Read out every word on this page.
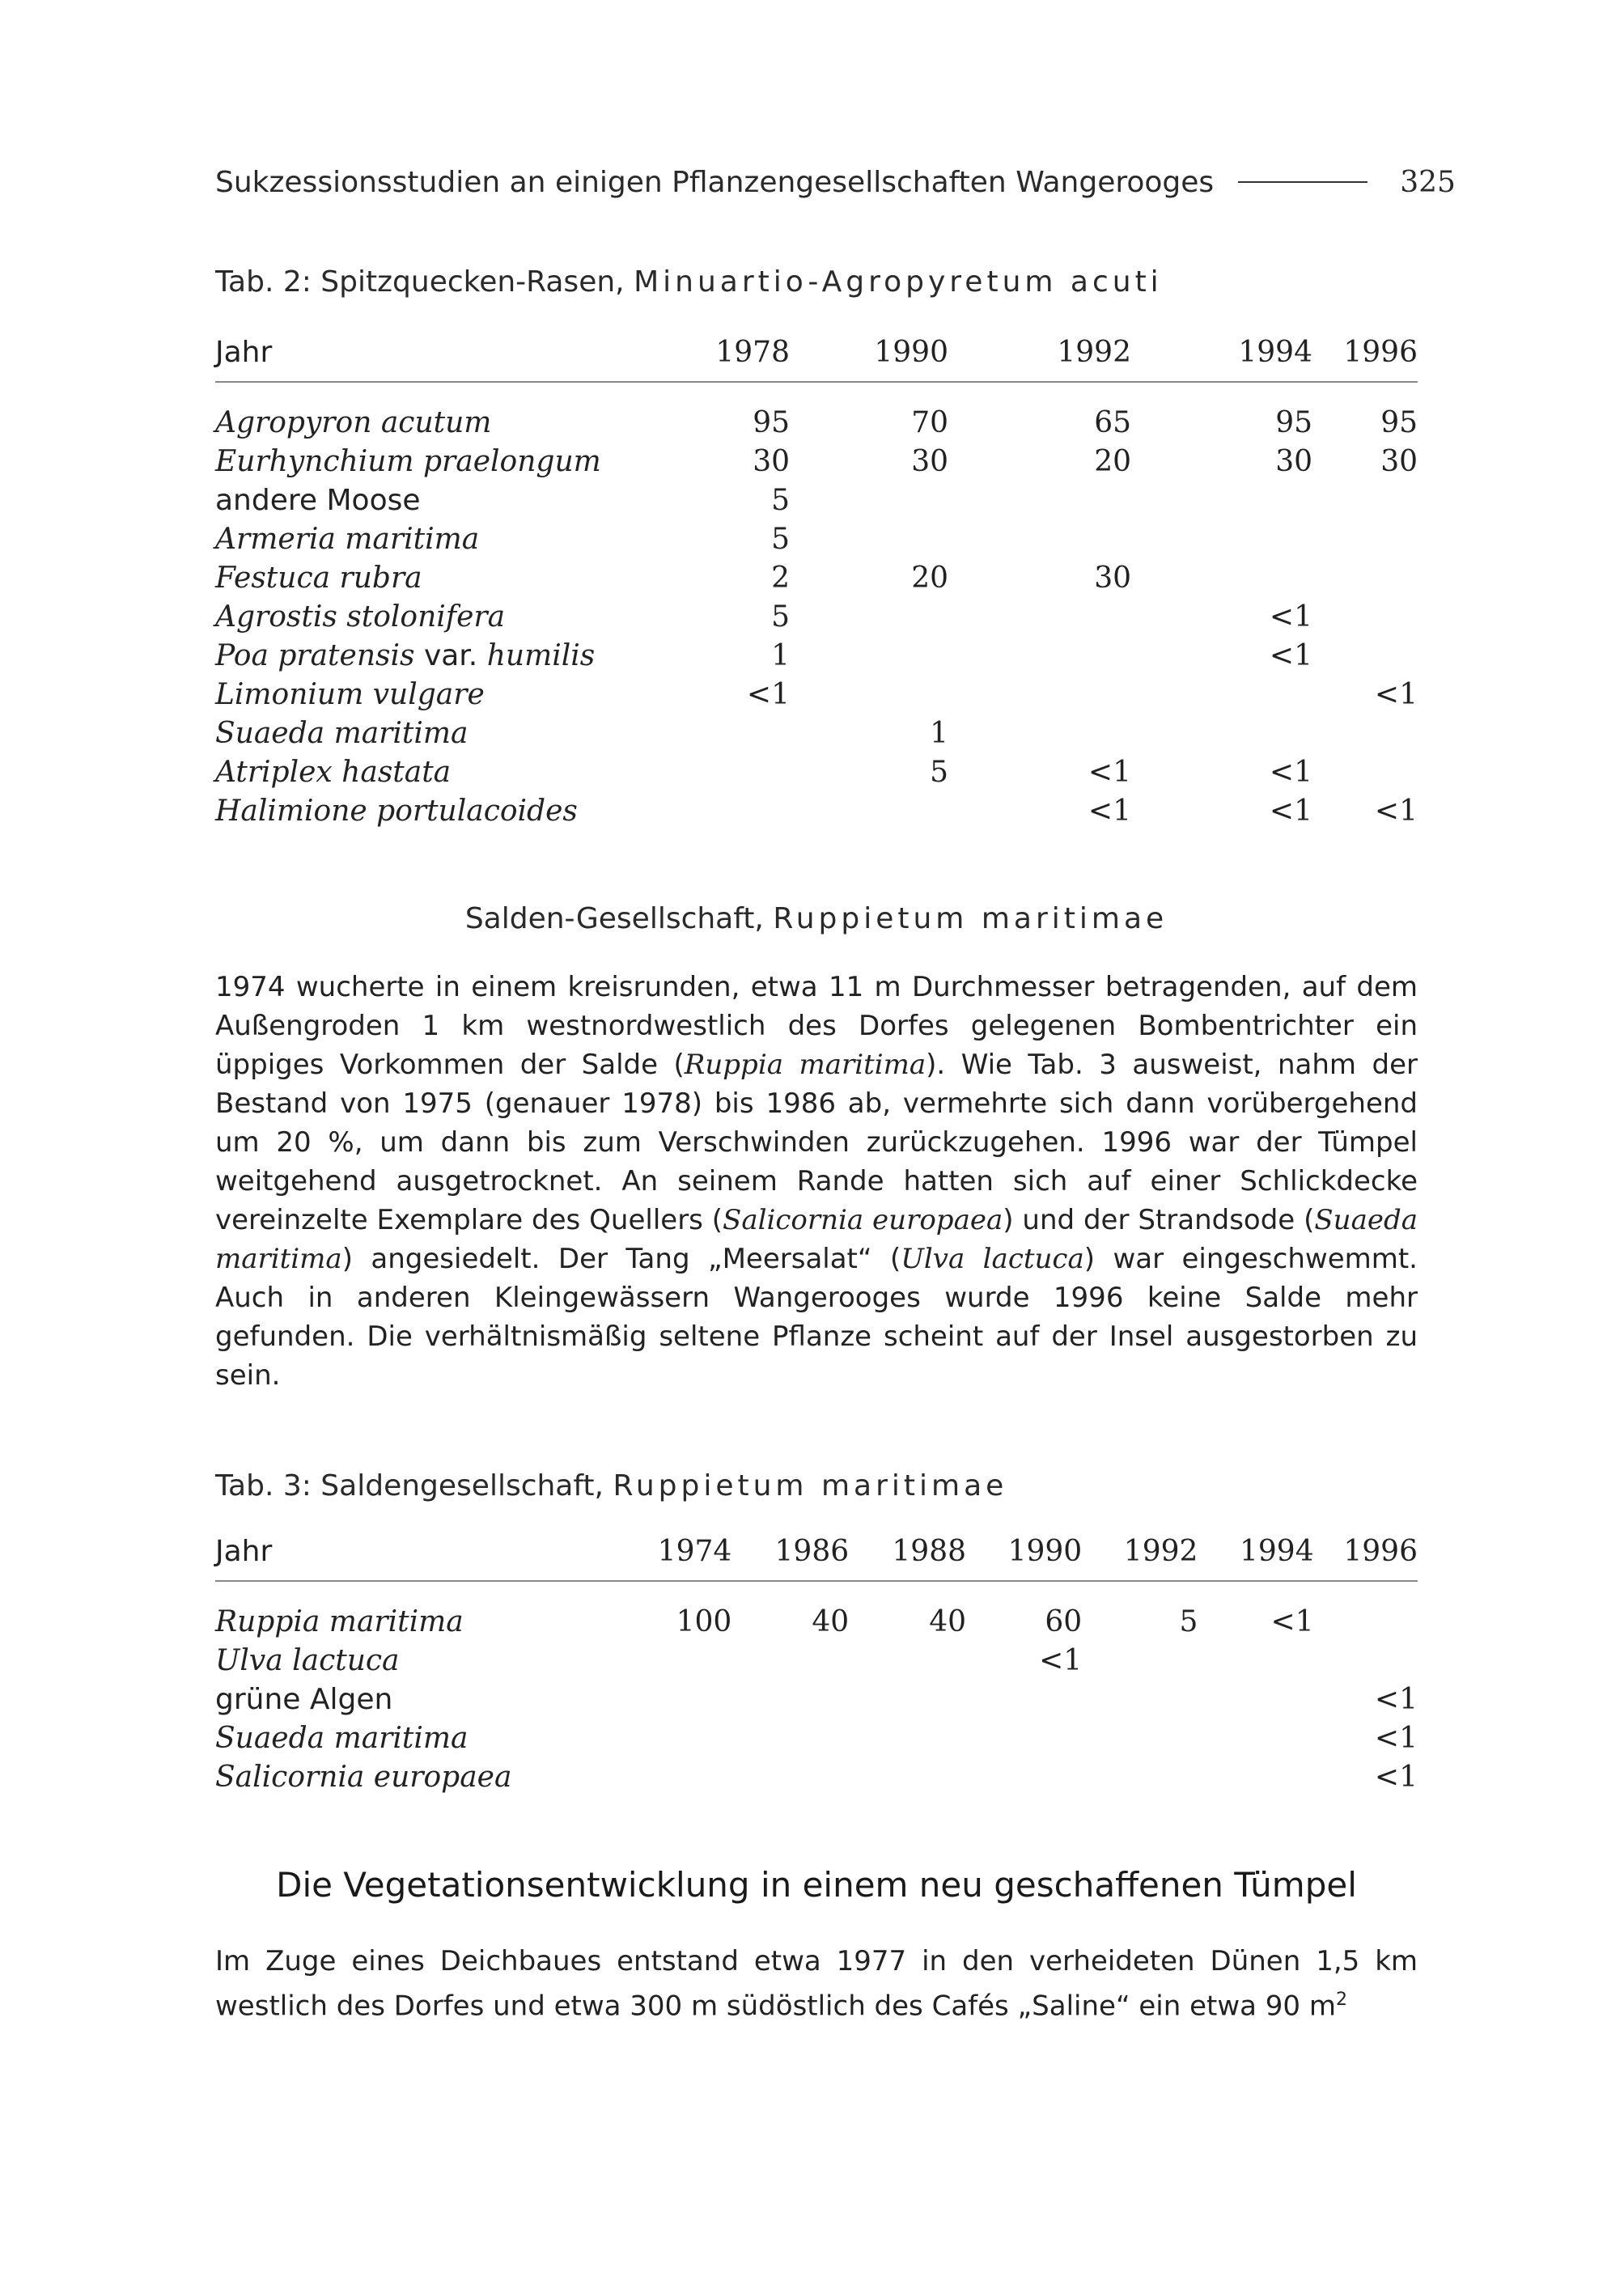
Sukzessionsstudien an einigen Pflanzengesellschaften Wangerooges	325
Tab. 2: Spitzquecken-Rasen, Minuartio-Agropyretum acuti
Jahr	1978	1990	1992	1994	1996

Agropyron acutum	95	70	65	95	95
Eurhynchium praelongum	30	30	20	30	30
andere Moose	5				
Armeria maritima	5				
Festuca rubra	2	20	30		
Agrostis stolonifera	5			<1	
Poa pratensis var. humilis	1			<1	
Limonium vulgare	<1				<1
Suaeda maritima		1			
Atriplex hastata		5	<1	<1	
Halimione portulacoides			<1	<1	<1
Salden-Gesellschaft, Ruppietum maritimae

1974 wucherte in einem kreisrunden, etwa 11 m Durchmesser betragenden, auf dem Außengroden 1 km westnordwestlich des Dorfes gelegenen Bombentrichter ein üppiges Vorkommen der Salde (Ruppia maritima). Wie Tab. 3 ausweist, nahm der Bestand von 1975 (genauer 1978) bis 1986 ab, vermehrte sich dann vorübergehend um 20 %, um dann bis zum Verschwinden zurückzugehen. 1996 war der Tümpel weitgehend ausgetrocknet. An seinem Rande hatten sich auf einer Schlickdecke vereinzelte Exemplare des Quellers (Salicornia europaea) und der Strandsode (Suaeda maritima) angesiedelt. Der Tang „Meersalat“ (Ulva lactuca) war eingeschwemmt. Auch in anderen Kleingewässern Wangerooges wurde 1996 keine Salde mehr gefunden. Die verhältnismäßig seltene Pflanze scheint auf der Insel ausgestorben zu sein.

Tab. 3: Saldengesellschaft, Ruppietum maritimae
Jahr	1974	1986	1988	1990	1992	1994	1996

Ruppia maritima	100	40	40	60	5	<1	
Ulva lactuca				<1			
grüne Algen							<1
Suaeda maritima							<1
Salicornia europaea							<1
Die Vegetationsentwicklung in einem neu geschaffenen Tümpel

Im Zuge eines Deichbaues entstand etwa 1977 in den verheideten Dünen 1,5 km westlich des Dorfes und etwa 300 m südöstlich des Cafés „Saline“ ein etwa 90 $m^2$
